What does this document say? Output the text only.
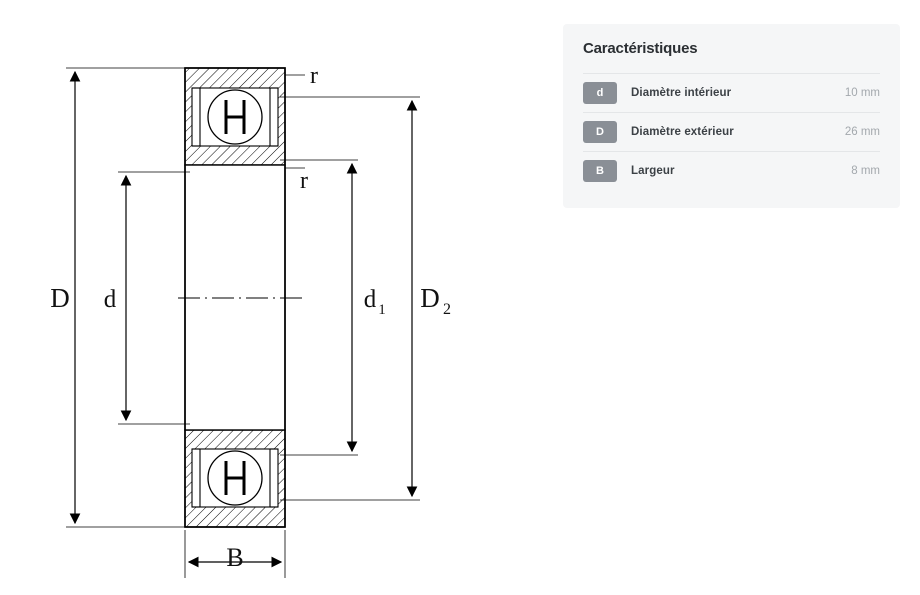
D d	d 1 D 2
r
r
B
Caractéristiques
d	Diamètre intérieur	10 mm
D	Diamètre extérieur	26 mm
B	Largeur	8 mm
